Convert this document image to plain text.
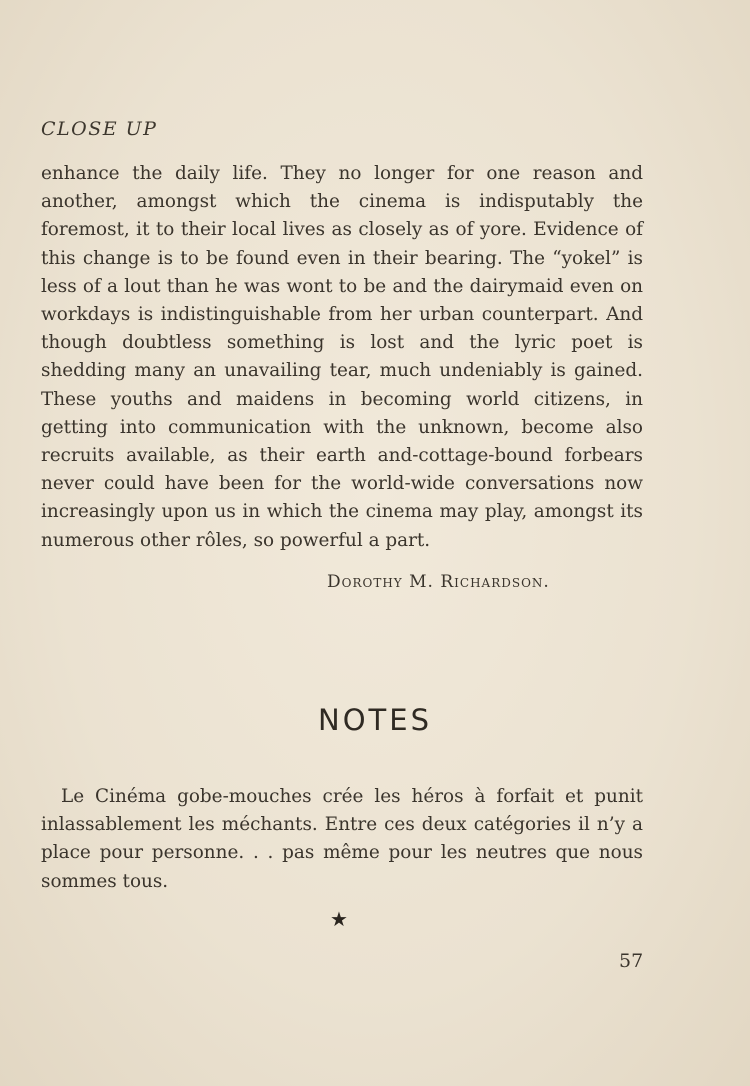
CLOSE UP

enhance the daily life. They no longer for one reason and another, amongst which the cinema is indisputably the foremost, it to their local lives as closely as of yore. Evidence of this change is to be found even in their bearing. The “yokel” is less of a lout than he was wont to be and the dairymaid even on workdays is indistinguishable from her urban counterpart. And though doubtless something is lost and the lyric poet is shedding many an unavailing tear, much undeniably is gained. These youths and maidens in becoming world citizens, in getting into communication with the unknown, become also recruits available, as their earth and-cottage-bound forbears never could have been for the world-wide conversations now increasingly upon us in which the cinema may play, amongst its numerous other rôles, so powerful a part.

Dorothy M. Richardson.
NOTES

Le Cinéma gobe-mouches crée les héros à forfait et punit inlassablement les méchants. Entre ces deux catégories il n’y a place pour personne. . . pas même pour les neutres que nous sommes tous.

★
57
